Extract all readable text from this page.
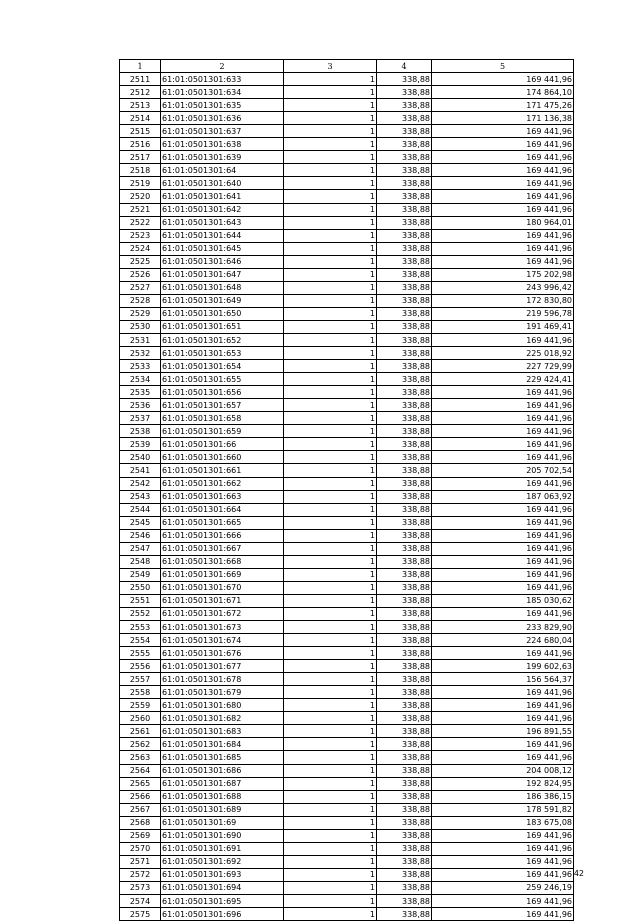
1	2	3	4	5
2511	61:01:0501301:633	1	338,88	169 441,96
2512	61:01:0501301:634	1	338,88	174 864,10
2513	61:01:0501301:635	1	338,88	171 475,26
2514	61:01:0501301:636	1	338,88	171 136,38
2515	61:01:0501301:637	1	338,88	169 441,96
2516	61:01:0501301:638	1	338,88	169 441,96
2517	61:01:0501301:639	1	338,88	169 441,96
2518	61:01:0501301:64	1	338,88	169 441,96
2519	61:01:0501301:640	1	338,88	169 441,96
2520	61:01:0501301:641	1	338,88	169 441,96
2521	61:01:0501301:642	1	338,88	169 441,96
2522	61:01:0501301:643	1	338,88	180 964,01
2523	61:01:0501301:644	1	338,88	169 441,96
2524	61:01:0501301:645	1	338,88	169 441,96
2525	61:01:0501301:646	1	338,88	169 441,96
2526	61:01:0501301:647	1	338,88	175 202,98
2527	61:01:0501301:648	1	338,88	243 996,42
2528	61:01:0501301:649	1	338,88	172 830,80
2529	61:01:0501301:650	1	338,88	219 596,78
2530	61:01:0501301:651	1	338,88	191 469,41
2531	61:01:0501301:652	1	338,88	169 441,96
2532	61:01:0501301:653	1	338,88	225 018,92
2533	61:01:0501301:654	1	338,88	227 729,99
2534	61:01:0501301:655	1	338,88	229 424,41
2535	61:01:0501301:656	1	338,88	169 441,96
2536	61:01:0501301:657	1	338,88	169 441,96
2537	61:01:0501301:658	1	338,88	169 441,96
2538	61:01:0501301:659	1	338,88	169 441,96
2539	61:01:0501301:66	1	338,88	169 441,96
2540	61:01:0501301:660	1	338,88	169 441,96
2541	61:01:0501301:661	1	338,88	205 702,54
2542	61:01:0501301:662	1	338,88	169 441,96
2543	61:01:0501301:663	1	338,88	187 063,92
2544	61:01:0501301:664	1	338,88	169 441,96
2545	61:01:0501301:665	1	338,88	169 441,96
2546	61:01:0501301:666	1	338,88	169 441,96
2547	61:01:0501301:667	1	338,88	169 441,96
2548	61:01:0501301:668	1	338,88	169 441,96
2549	61:01:0501301:669	1	338,88	169 441,96
2550	61:01:0501301:670	1	338,88	169 441,96
2551	61:01:0501301:671	1	338,88	185 030,62
2552	61:01:0501301:672	1	338,88	169 441,96
2553	61:01:0501301:673	1	338,88	233 829,90
2554	61:01:0501301:674	1	338,88	224 680,04
2555	61:01:0501301:676	1	338,88	169 441,96
2556	61:01:0501301:677	1	338,88	199 602,63
2557	61:01:0501301:678	1	338,88	156 564,37
2558	61:01:0501301:679	1	338,88	169 441,96
2559	61:01:0501301:680	1	338,88	169 441,96
2560	61:01:0501301:682	1	338,88	169 441,96
2561	61:01:0501301:683	1	338,88	196 891,55
2562	61:01:0501301:684	1	338,88	169 441,96
2563	61:01:0501301:685	1	338,88	169 441,96
2564	61:01:0501301:686	1	338,88	204 008,12
2565	61:01:0501301:687	1	338,88	192 824,95
2566	61:01:0501301:688	1	338,88	186 386,15
2567	61:01:0501301:689	1	338,88	178 591,82
2568	61:01:0501301:69	1	338,88	183 675,08
2569	61:01:0501301:690	1	338,88	169 441,96
2570	61:01:0501301:691	1	338,88	169 441,96
2571	61:01:0501301:692	1	338,88	169 441,96
2572	61:01:0501301:693	1	338,88	169 441,96
2573	61:01:0501301:694	1	338,88	259 246,19
2574	61:01:0501301:695	1	338,88	169 441,96
2575	61:01:0501301:696	1	338,88	169 441,96
42
